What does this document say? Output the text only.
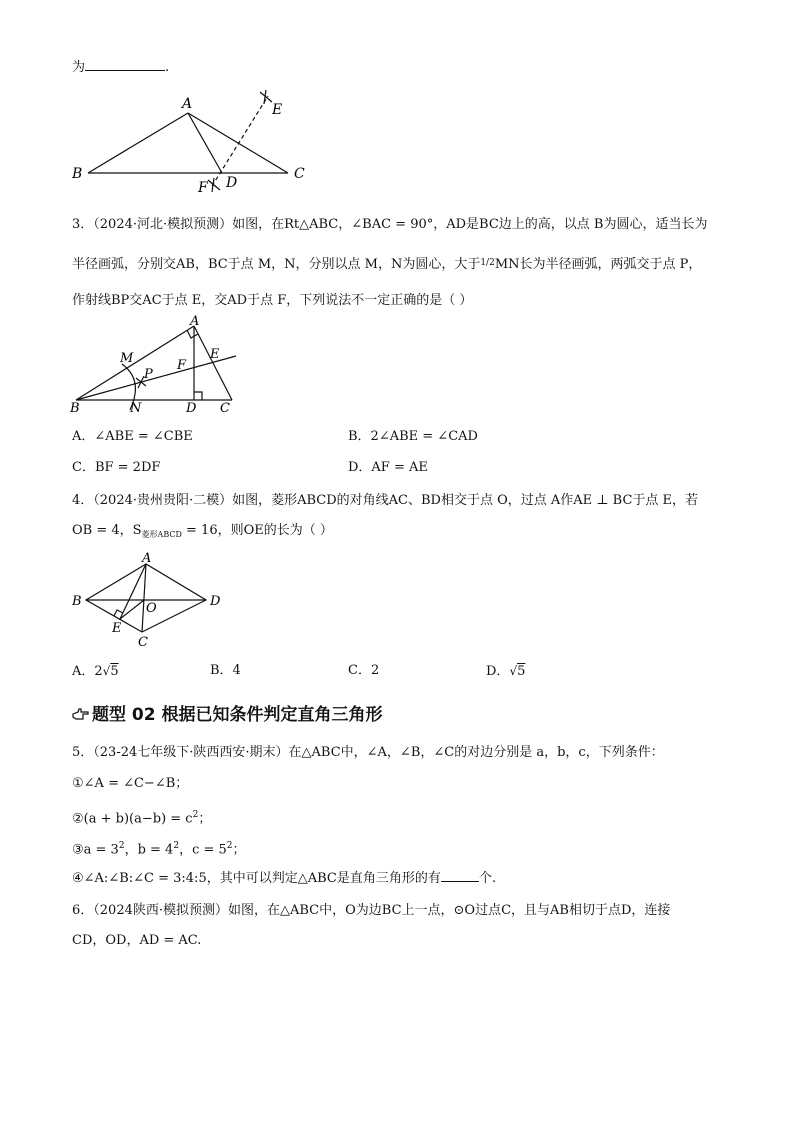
为	.
A
B	C
D
E
F
3．（2024·河北·模拟预测）如图，在Rt△ABC，∠BAC = 90°，AD是BC边上的高，以点 B为圆心，适当长为
半径画弧，分别交AB，BC于点 M，N，分别以点 M，N为圆心，大于$^{1/2}$MN长为半径画弧，两弧交于点 P，
作射线BP交AC于点 E，交AD于点 F，下列说法不一定正确的是（ ）
A
B	C
D
E
F
M
N
P
A．∠ABE = ∠CBE	B．2∠ABE = ∠CAD
C．BF = 2DF	D．AF = AE
4．（2024·贵州贵阳·二模）如图，菱形ABCD的对角线AC、BD相交于点 O，过点 A作AE ⊥ BC于点 E，若
OB = 4，$S_{菱形ABCD} = 16$，则OE的长为（ ）
A
B
C
D
E
O
A．2√5	B．4	C．2	D．√5
题型 02 根据已知条件判定直角三角形
5．（23-24七年级下·陕西西安·期末）在△ABC中，∠A，∠B，∠C的对边分别是 a，b，c，下列条件：
①∠A = ∠C−∠B；
②(a + $b)(a-b) = c^2$；
③a = $3^2$，$b = 4^2$，$c = 5^2$；
④∠A:∠B:∠C = 3:4:5，其中可以判定△ABC是直角三角形的有	个.
6．（2024陕西·模拟预测）如图，在△ABC中，O为边BC上一点，⊙O过点C，且与AB相切于点D，连接
CD，OD，AD = AC.
